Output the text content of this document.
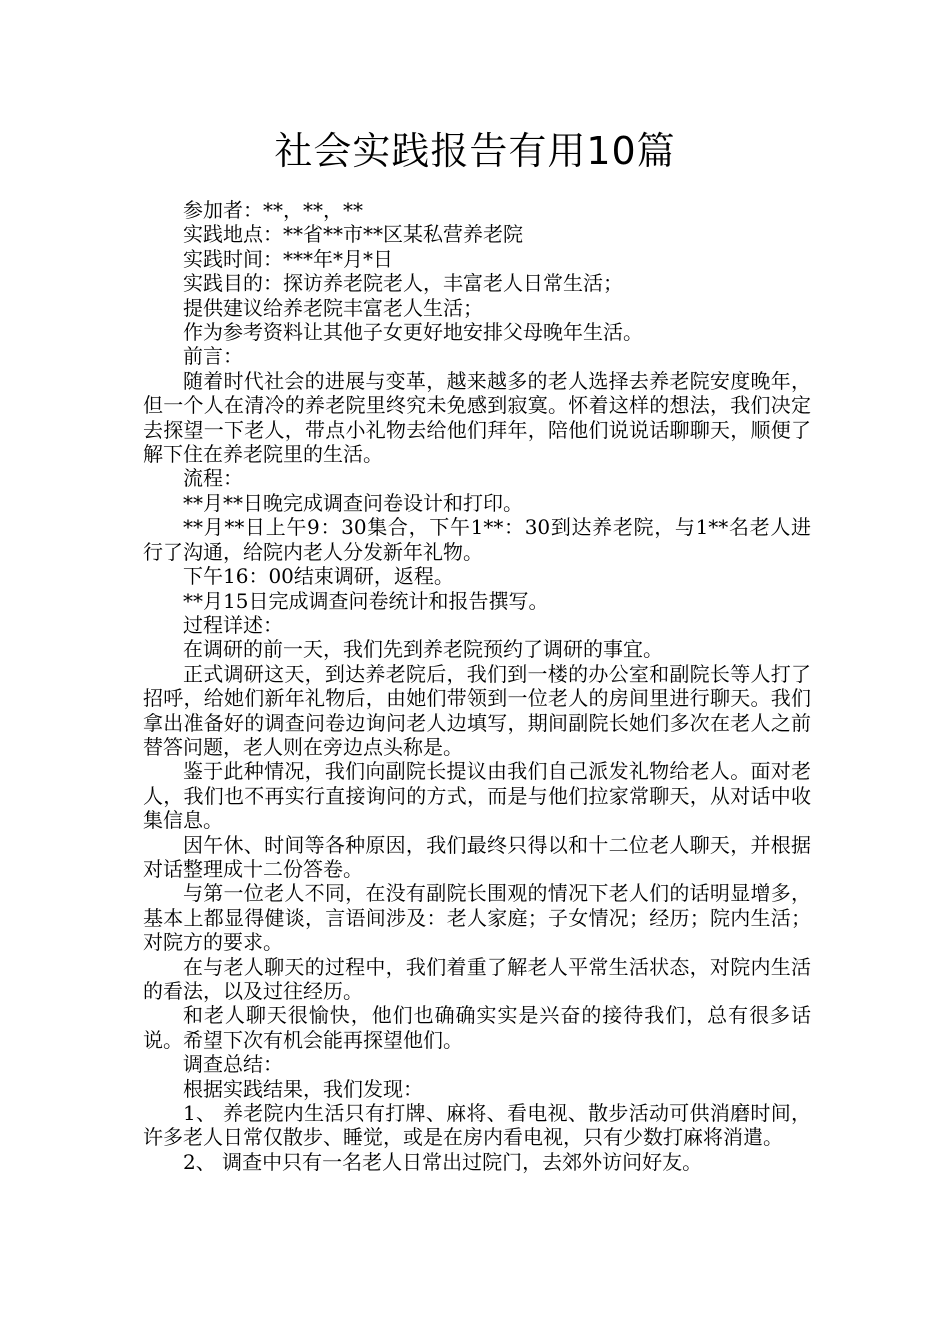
社会实践报告有用10篇

参加者：**，**，**

实践地点：**省**市**区某私营养老院

实践时间：***年*月*日

实践目的：探访养老院老人，丰富老人日常生活；

提供建议给养老院丰富老人生活；

作为参考资料让其他子女更好地安排父母晚年生活。

前言：

随着时代社会的进展与变革，越来越多的老人选择去养老院安度晚年，但一个人在清冷的养老院里终究未免感到寂寞。怀着这样的想法，我们决定去探望一下老人，带点小礼物去给他们拜年，陪他们说说话聊聊天，顺便了解下住在养老院里的生活。

流程：

**月**日晚完成调查问卷设计和打印。

**月**日上午9：30集合，下午1**：30到达养老院，与1**名老人进行了沟通，给院内老人分发新年礼物。

下午16：00结束调研，返程。

**月15日完成调查问卷统计和报告撰写。

过程详述：

在调研的前一天，我们先到养老院预约了调研的事宜。

正式调研这天，到达养老院后，我们到一楼的办公室和副院长等人打了招呼，给她们新年礼物后，由她们带领到一位老人的房间里进行聊天。我们拿出准备好的调查问卷边询问老人边填写，期间副院长她们多次在老人之前替答问题，老人则在旁边点头称是。

鉴于此种情况，我们向副院长提议由我们自己派发礼物给老人。面对老人，我们也不再实行直接询问的方式，而是与他们拉家常聊天，从对话中收集信息。

因午休、时间等各种原因，我们最终只得以和十二位老人聊天，并根据对话整理成十二份答卷。

与第一位老人不同，在没有副院长围观的情况下老人们的话明显增多，基本上都显得健谈，言语间涉及：老人家庭；子女情况；经历；院内生活；对院方的要求。

在与老人聊天的过程中，我们着重了解老人平常生活状态，对院内生活的看法，以及过往经历。

和老人聊天很愉快，他们也确确实实是兴奋的接待我们，总有很多话说。希望下次有机会能再探望他们。

调查总结：

根据实践结果，我们发现：

1、 养老院内生活只有打牌、麻将、看电视、散步活动可供消磨时间，许多老人日常仅散步、睡觉，或是在房内看电视，只有少数打麻将消遣。

2、 调查中只有一名老人日常出过院门，去郊外访问好友。
